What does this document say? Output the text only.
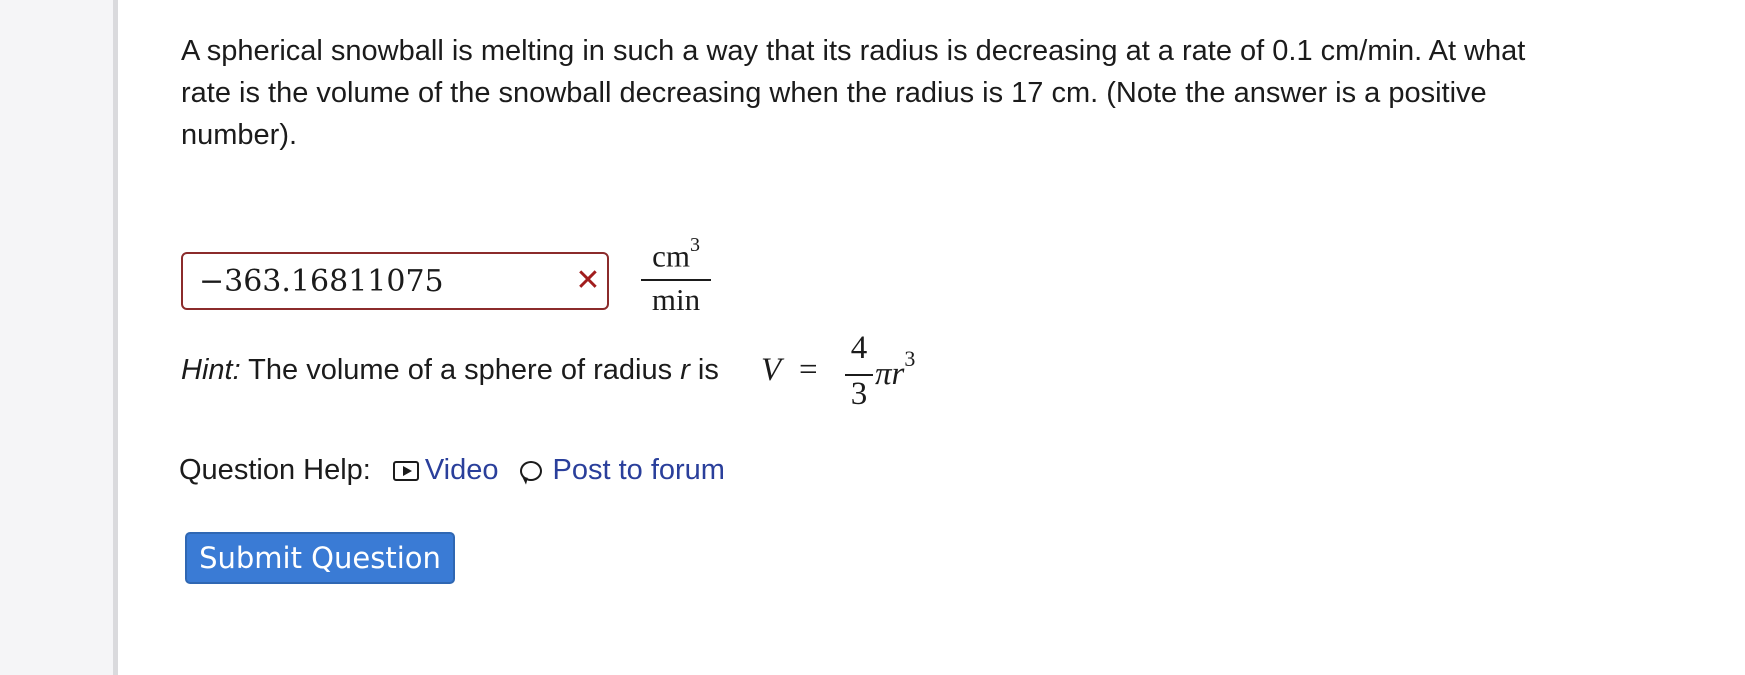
A spherical snowball is melting in such a way that its radius is decreasing at a rate of 0.1 cm/min. At what rate is the volume of the snowball decreasing when the radius is 17 cm. (Note the answer is a positive number).

−363.16811075	✕
$cm^3$
min
Hint: The volume of a sphere of radius r is V =
4
3
$\pi r^3$
Question Help: Video Post to forum
Submit Question
